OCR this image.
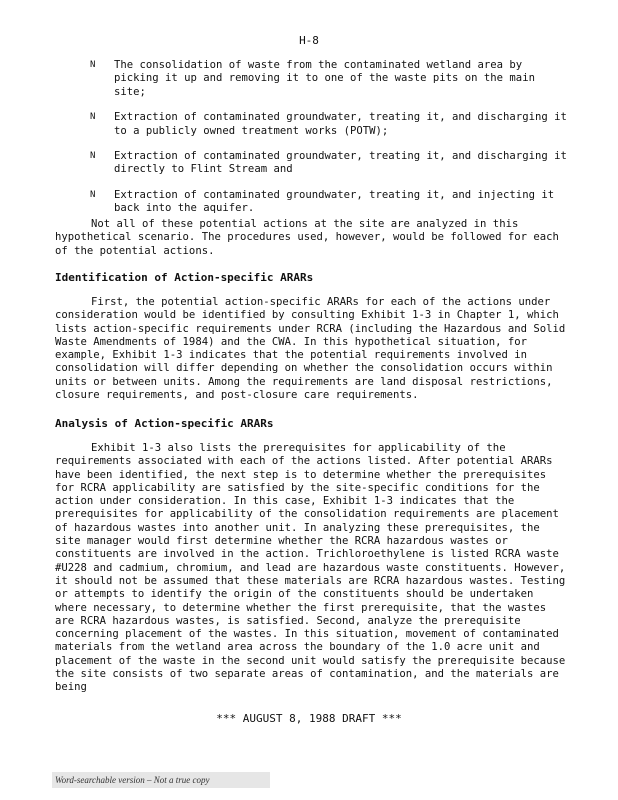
H-8
N The consolidation of waste from the contaminated wetland area by picking it up and removing it to one of the waste pits on the main site;
N Extraction of contaminated groundwater, treating it, and discharging it to a publicly owned treatment works (POTW);
N Extraction of contaminated groundwater, treating it, and discharging it directly to Flint Stream and
N Extraction of contaminated groundwater, treating it, and injecting it back into the aquifer.

Not all of these potential actions at the site are analyzed in this hypothetical scenario. The procedures used, however, would be followed for each of the potential actions.

Identification of Action-specific ARARs

First, the potential action-specific ARARs for each of the actions under consideration would be identified by consulting Exhibit 1-3 in Chapter 1, which lists action-specific requirements under RCRA (including the Hazardous and Solid Waste Amendments of 1984) and the CWA. In this hypothetical situation, for example, Exhibit 1-3 indicates that the potential requirements involved in consolidation will differ depending on whether the consolidation occurs within units or between units. Among the requirements are land disposal restrictions, closure requirements, and post-closure care requirements.

Analysis of Action-specific ARARs

Exhibit 1-3 also lists the prerequisites for applicability of the requirements associated with each of the actions listed. After potential ARARs have been identified, the next step is to determine whether the prerequisites for RCRA applicability are satisfied by the site-specific conditions for the action under consideration. In this case, Exhibit 1-3 indicates that the prerequisites for applicability of the consolidation requirements are placement of hazardous wastes into another unit. In analyzing these prerequisites, the site manager would first determine whether the RCRA hazardous wastes or constituents are involved in the action. Trichloroethylene is listed RCRA waste #U228 and cadmium, chromium, and lead are hazardous waste constituents. However, it should not be assumed that these materials are RCRA hazardous wastes. Testing or attempts to identify the origin of the constituents should be undertaken where necessary, to determine whether the first prerequisite, that the wastes are RCRA hazardous wastes, is satisfied. Second, analyze the prerequisite concerning placement of the wastes. In this situation, movement of contaminated materials from the wetland area across the boundary of the 1.0 acre unit and placement of the waste in the second unit would satisfy the prerequisite because the site consists of two separate areas of contamination, and the materials are being

*** AUGUST 8, 1988 DRAFT ***
Word-searchable version – Not a true copy
